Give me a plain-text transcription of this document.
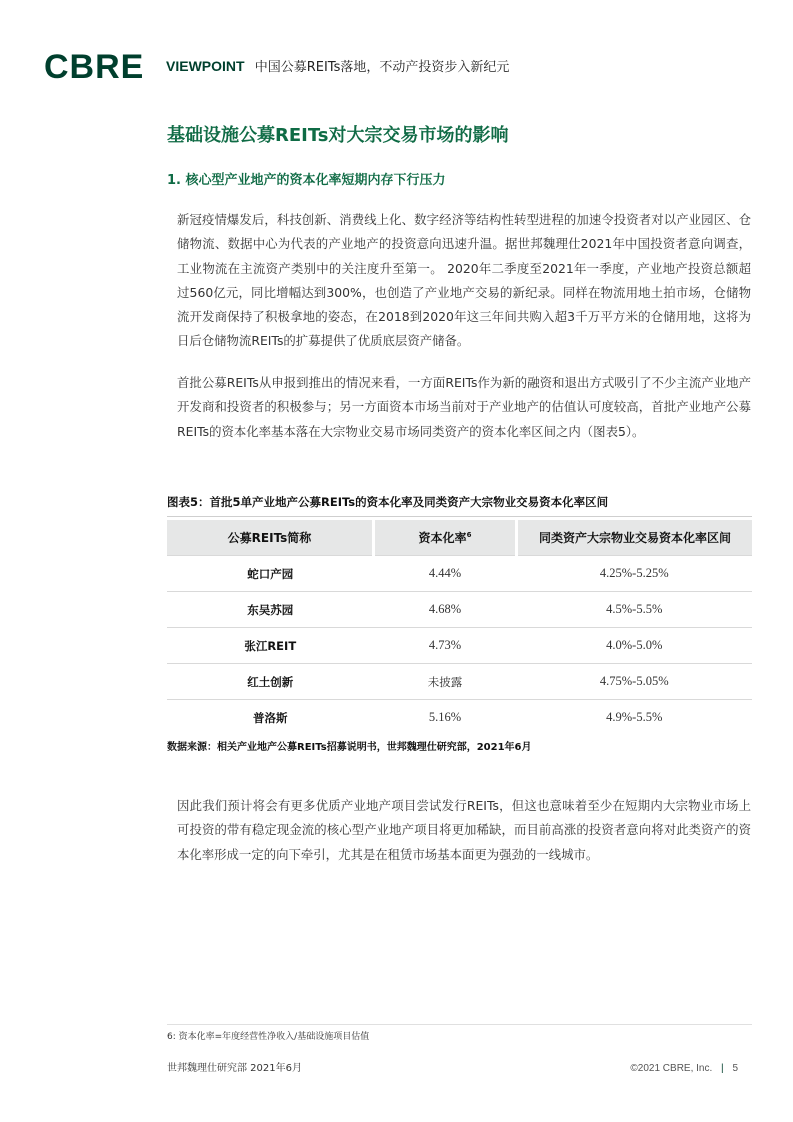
CBRE VIEWPOINT 中国公募REITs落地，不动产投资步入新纪元
基础设施公募REITs对大宗交易市场的影响
1. 核心型产业地产的资本化率短期内存下行压力

新冠疫情爆发后，科技创新、消费线上化、数字经济等结构性转型进程的加速令投资者对以产业园区、仓储物流、数据中心为代表的产业地产的投资意向迅速升温。据世邦魏理仕2021年中国投资者意向调查，工业物流在主流资产类别中的关注度升至第一。 2020年二季度至2021年一季度，产业地产投资总额超过560亿元，同比增幅达到300%，也创造了产业地产交易的新纪录。同样在物流用地土拍市场，仓储物流开发商保持了积极拿地的姿态，在2018到2020年这三年间共购入超3千万平方米的仓储用地，这将为日后仓储物流REITs的扩募提供了优质底层资产储备。

首批公募REITs从申报到推出的情况来看，一方面REITs作为新的融资和退出方式吸引了不少主流产业地产开发商和投资者的积极参与；另一方面资本市场当前对于产业地产的估值认可度较高，首批产业地产公募REITs的资本化率基本落在大宗物业交易市场同类资产的资本化率区间之内（图表5）。

图表5：首批5单产业地产公募REITs的资本化率及同类资产大宗物业交易资本化率区间
公募REITs简称	资本化率$^6$	同类资产大宗物业交易资本化率区间
蛇口产园	4.44%	4.25%-5.25%
东吴苏园	4.68%	4.5%-5.5%
张江REIT	4.73%	4.0%-5.0%
红土创新	未披露	4.75%-5.05%
普洛斯	5.16%	4.9%-5.5%
数据来源：相关产业地产公募REITs招募说明书，世邦魏理仕研究部，2021年6月

因此我们预计将会有更多优质产业地产项目尝试发行REITs，但这也意味着至少在短期内大宗物业市场上可投资的带有稳定现金流的核心型产业地产项目将更加稀缺，而目前高涨的投资者意向将对此类资产的资本化率形成一定的向下牵引，尤其是在租赁市场基本面更为强劲的一线城市。

6: 资本化率=年度经营性净收入/基础设施项目估值
世邦魏理仕研究部 2021年6月	©2021 CBRE, Inc. | 5
